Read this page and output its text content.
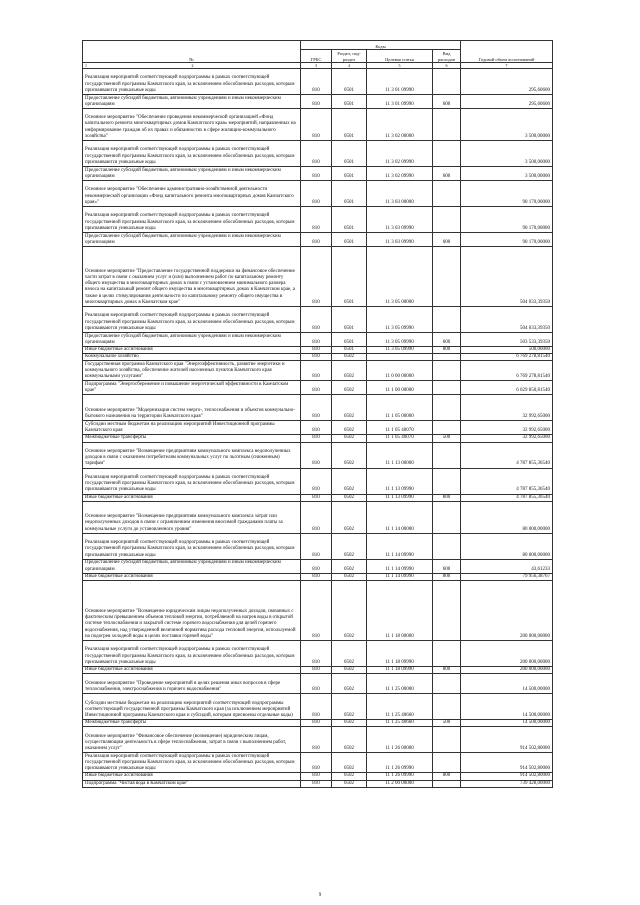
№	Коды				Годовой объем ассигнований
	ГРБС	Раздел, под-раздел	Целевая статья	Вид расходов	

1 2	3	4	5	6	7
Реализация мероприятий соответствующей подпрограммы в рамках соответствующей государственной программы Камчатского края, за исключением обособленных расходов, которым присваиваются уникальные коды	810	0501	11 3 01 09990		295,60600
Предоставление субсидий бюджетным, автономным учреждениям и иным некоммерческим организациям	810	0501	11 3 01 09990	600	295,60600
Основное мероприятие "Обеспечение проведения некоммерческой организацией «Фонд капитального ремонта многоквартирных домов Камчатского края» мероприятий, направленных на информирование граждан об их правах и обязанностях в сфере жилищно-коммунального хозяйства"	810	0501	11 3 02 00000		3 500,00000
Реализация мероприятий соответствующей подпрограммы в рамках соответствующей государственной программы Камчатского края, за исключением обособленных расходов, которым присваиваются уникальные коды	810	0501	11 3 02 09990		3 500,00000
Предоставление субсидий бюджетным, автономным учреждениям и иным некоммерческим организациям	810	0501	11 3 02 09990	600	3 500,00000
Основное мероприятие "Обеспечение административно-хозяйственной деятельности некоммерческой организации «Фонд капитального ремонта многоквартирных домов Камчатского края»"	810	0501	11 3 03 00000		90 170,00000
Реализация мероприятий соответствующей подпрограммы в рамках соответствующей государственной программы Камчатского края, за исключением обособленных расходов, которым присваиваются уникальные коды	810	0501	11 3 03 09990		90 170,00000
Предоставление субсидий бюджетным, автономным учреждениям и иным некоммерческим организациям	810	0501	11 3 03 09990	600	90 170,00000
Основное мероприятие "Предоставление государственной поддержки на финансовое обеспечение части затрат в связи с оказанием услуг и (или) выполнением работ по капитальному ремонту общего имущества в многоквартирных домах в связи с установлением минимального размера взноса на капитальный ремонт общего имущества в многоквартирных домах в Камчатском крае, а также в целях стимулирования деятельности по капитальному ремонту общего имущества в многоквартирных домах в Камчатском крае"	810	0501	11 3 05 00000		504 033,39350
Реализация мероприятий соответствующей подпрограммы в рамках соответствующей государственной программы Камчатского края, за исключением обособленных расходов, которым присваиваются уникальные коды	810	0501	11 3 05 09990		504 033,39350
Предоставление субсидий бюджетным, автономным учреждениям и иным некоммерческим организациям	810	0501	11 3 05 09990	600	503 533,39350
Иные бюджетные ассигнования	810	0501	11 3 05 09990	800	500,00000
Коммунальное хозяйство	810	0502			6 769 278,81540
Государственная программа Камчатского края "Энергоэффективность, развитие энергетики и коммунального хозяйства, обеспечение жителей населенных пунктов Камчатского края коммунальными услугами"	810	0502	11 0 00 00000		6 769 278,81540
Подпрограмма "Энергосбережение и повышение энергетической эффективности в Камчатском крае"	810	0502	11 1 00 00000		6 029 850,81540
Основное мероприятие "Модернизация систем энерго-, теплоснабжения и объектов коммунально-бытового назначения на территории Камчатского края"	810	0502	11 1 05 00000		32 992,65000
Субсидии местным бюджетам на реализацию мероприятий Инвестиционной программы Камчатского края	810	0502	11 1 05 40070		32 992,65000
Межбюджетные трансферты	810	0502	11 1 05 40070	500	32 992,65000
Основное мероприятие "Возмещение предприятиям коммунального комплекса недополученных доходов в связи с оказанием потребителям коммунальных услуг по льготным (сниженным) тарифам"	810	0502	11 1 13 00000		4 787 855,36540
Реализация мероприятий соответствующей подпрограммы в рамках соответствующей государственной программы Камчатского края, за исключением обособленных расходов, которым присваиваются уникальные коды	810	0502	11 1 13 09990		4 787 855,36540
Иные бюджетные ассигнования	810	0502	11 1 13 09990	800	4 787 855,36540
Основное мероприятие "Возмещение предприятиям коммунального комплекса затрат или недополученных доходов в связи с ограничением изменения вносимой гражданами платы за коммунальные услуги до установленного уровня"	810	0502	11 1 14 00000		80 000,00000
Реализация мероприятий соответствующей подпрограммы в рамках соответствующей государственной программы Камчатского края, за исключением обособленных расходов, которым присваиваются уникальные коды	810	0502	11 1 14 09990		80 000,00000
Предоставление субсидий бюджетным, автономным учреждениям и иным некоммерческим организациям	810	0502	11 1 14 09990	600	43,61233
Иные бюджетные ассигнования	810	0502	11 1 14 09990	800	79 956,38767
Основное мероприятие "Возмещение юридическим лицам недополученных доходов, связанных с фактическим превышением объемов тепловой энергии, потребляемой на нагрев воды в открытой системе теплоснабжения и закрытой системе горячего водоснабжения для целей горячего водоснабжения, над утвержденной величиной норматива расхода тепловой энергии, используемой на подогрев холодной воды в целях поставки горячей воды"	810	0502	11 1 18 00000		200 000,00000
Реализация мероприятий соответствующей подпрограммы в рамках соответствующей государственной программы Камчатского края, за исключением обособленных расходов, которым присваиваются уникальные коды	810	0502	11 1 18 09990		200 000,00000
Иные бюджетные ассигнования	810	0502	11 1 18 09990	800	200 000,00000
Основное мероприятие "Проведение мероприятий в целях решения иных вопросов в сфере теплоснабжения, электроснабжения и горячего водоснабжения"	810	0502	11 1 25 00000		14 500,00000
Субсидии местным бюджетам на реализацию мероприятий соответствующей подпрограммы соответствующей государственной программы Камчатского края (за исключением мероприятий Инвестиционной программы Камчатского края и субсидий, которым присвоены отдельные коды)	810	0502	11 1 25 40660		14 500,00000
Межбюджетные трансферты	810	0502	11 1 25 40660	500	14 500,00000
Основное мероприятие "Финансовое обеспечение (возмещение) юридическим лицам, осуществляющим деятельность в сфере теплоснабжения, затрат в связи с выполнением работ, оказанием услуг"	810	0502	11 1 26 00000		914 502,80000
Реализация мероприятий соответствующей подпрограммы в рамках соответствующей государственной программы Камчатского края, за исключением обособленных расходов, которым присваиваются уникальные коды	810	0502	11 1 26 09990		914 502,80000
Иные бюджетные ассигнования	810	0502	11 1 26 09990	800	914 502,80000
Подпрограмма "Чистая вода в Камчатском крае"	810	0502	11 2 00 00000		739 428,00000
9
